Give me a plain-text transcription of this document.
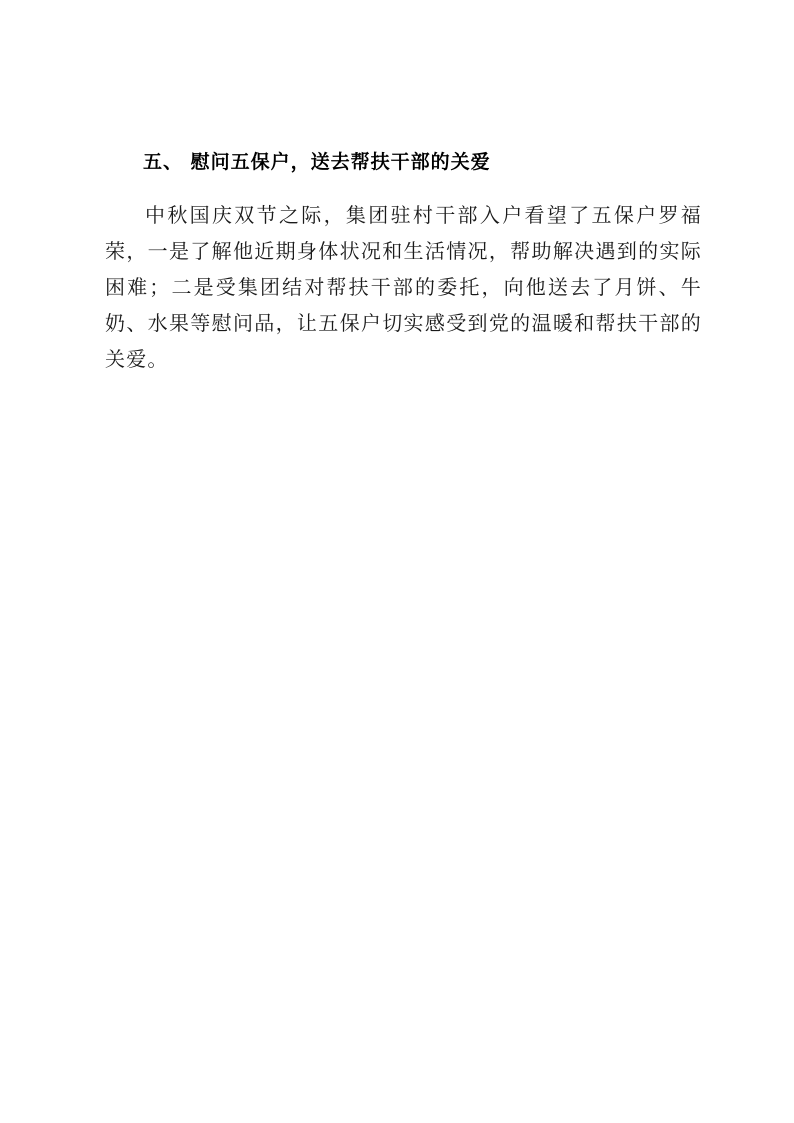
五、 慰问五保户，送去帮扶干部的关爱

中秋国庆双节之际，集团驻村干部入户看望了五保户罗福荣，一是了解他近期身体状况和生活情况，帮助解决遇到的实际困难；二是受集团结对帮扶干部的委托，向他送去了月饼、牛奶、水果等慰问品，让五保户切实感受到党的温暖和帮扶干部的关爱。
